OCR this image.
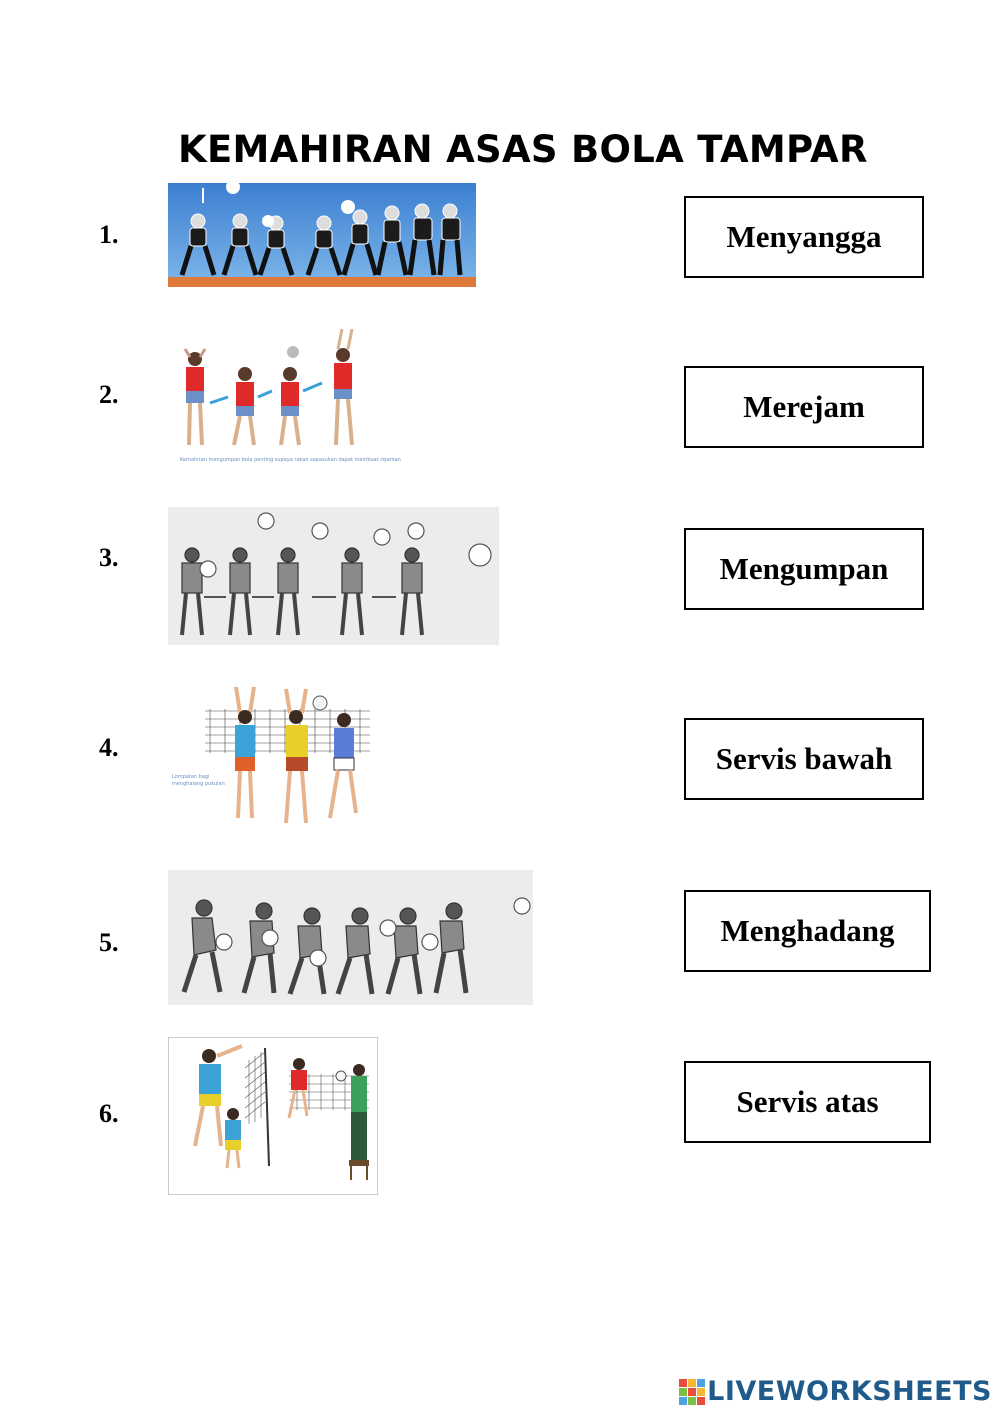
KEMAHIRAN ASAS BOLA TAMPAR
1.
2.
3.
4.
5.
6.
Kemahiran mengumpan bola penting supaya rakan sepasukan dapat membuat rejaman
Lompatan bagi
menghalang pukulan
Menyangga
Merejam
Mengumpan
Servis bawah
Menghadang
Servis atas
LIVEWORKSHEETS
